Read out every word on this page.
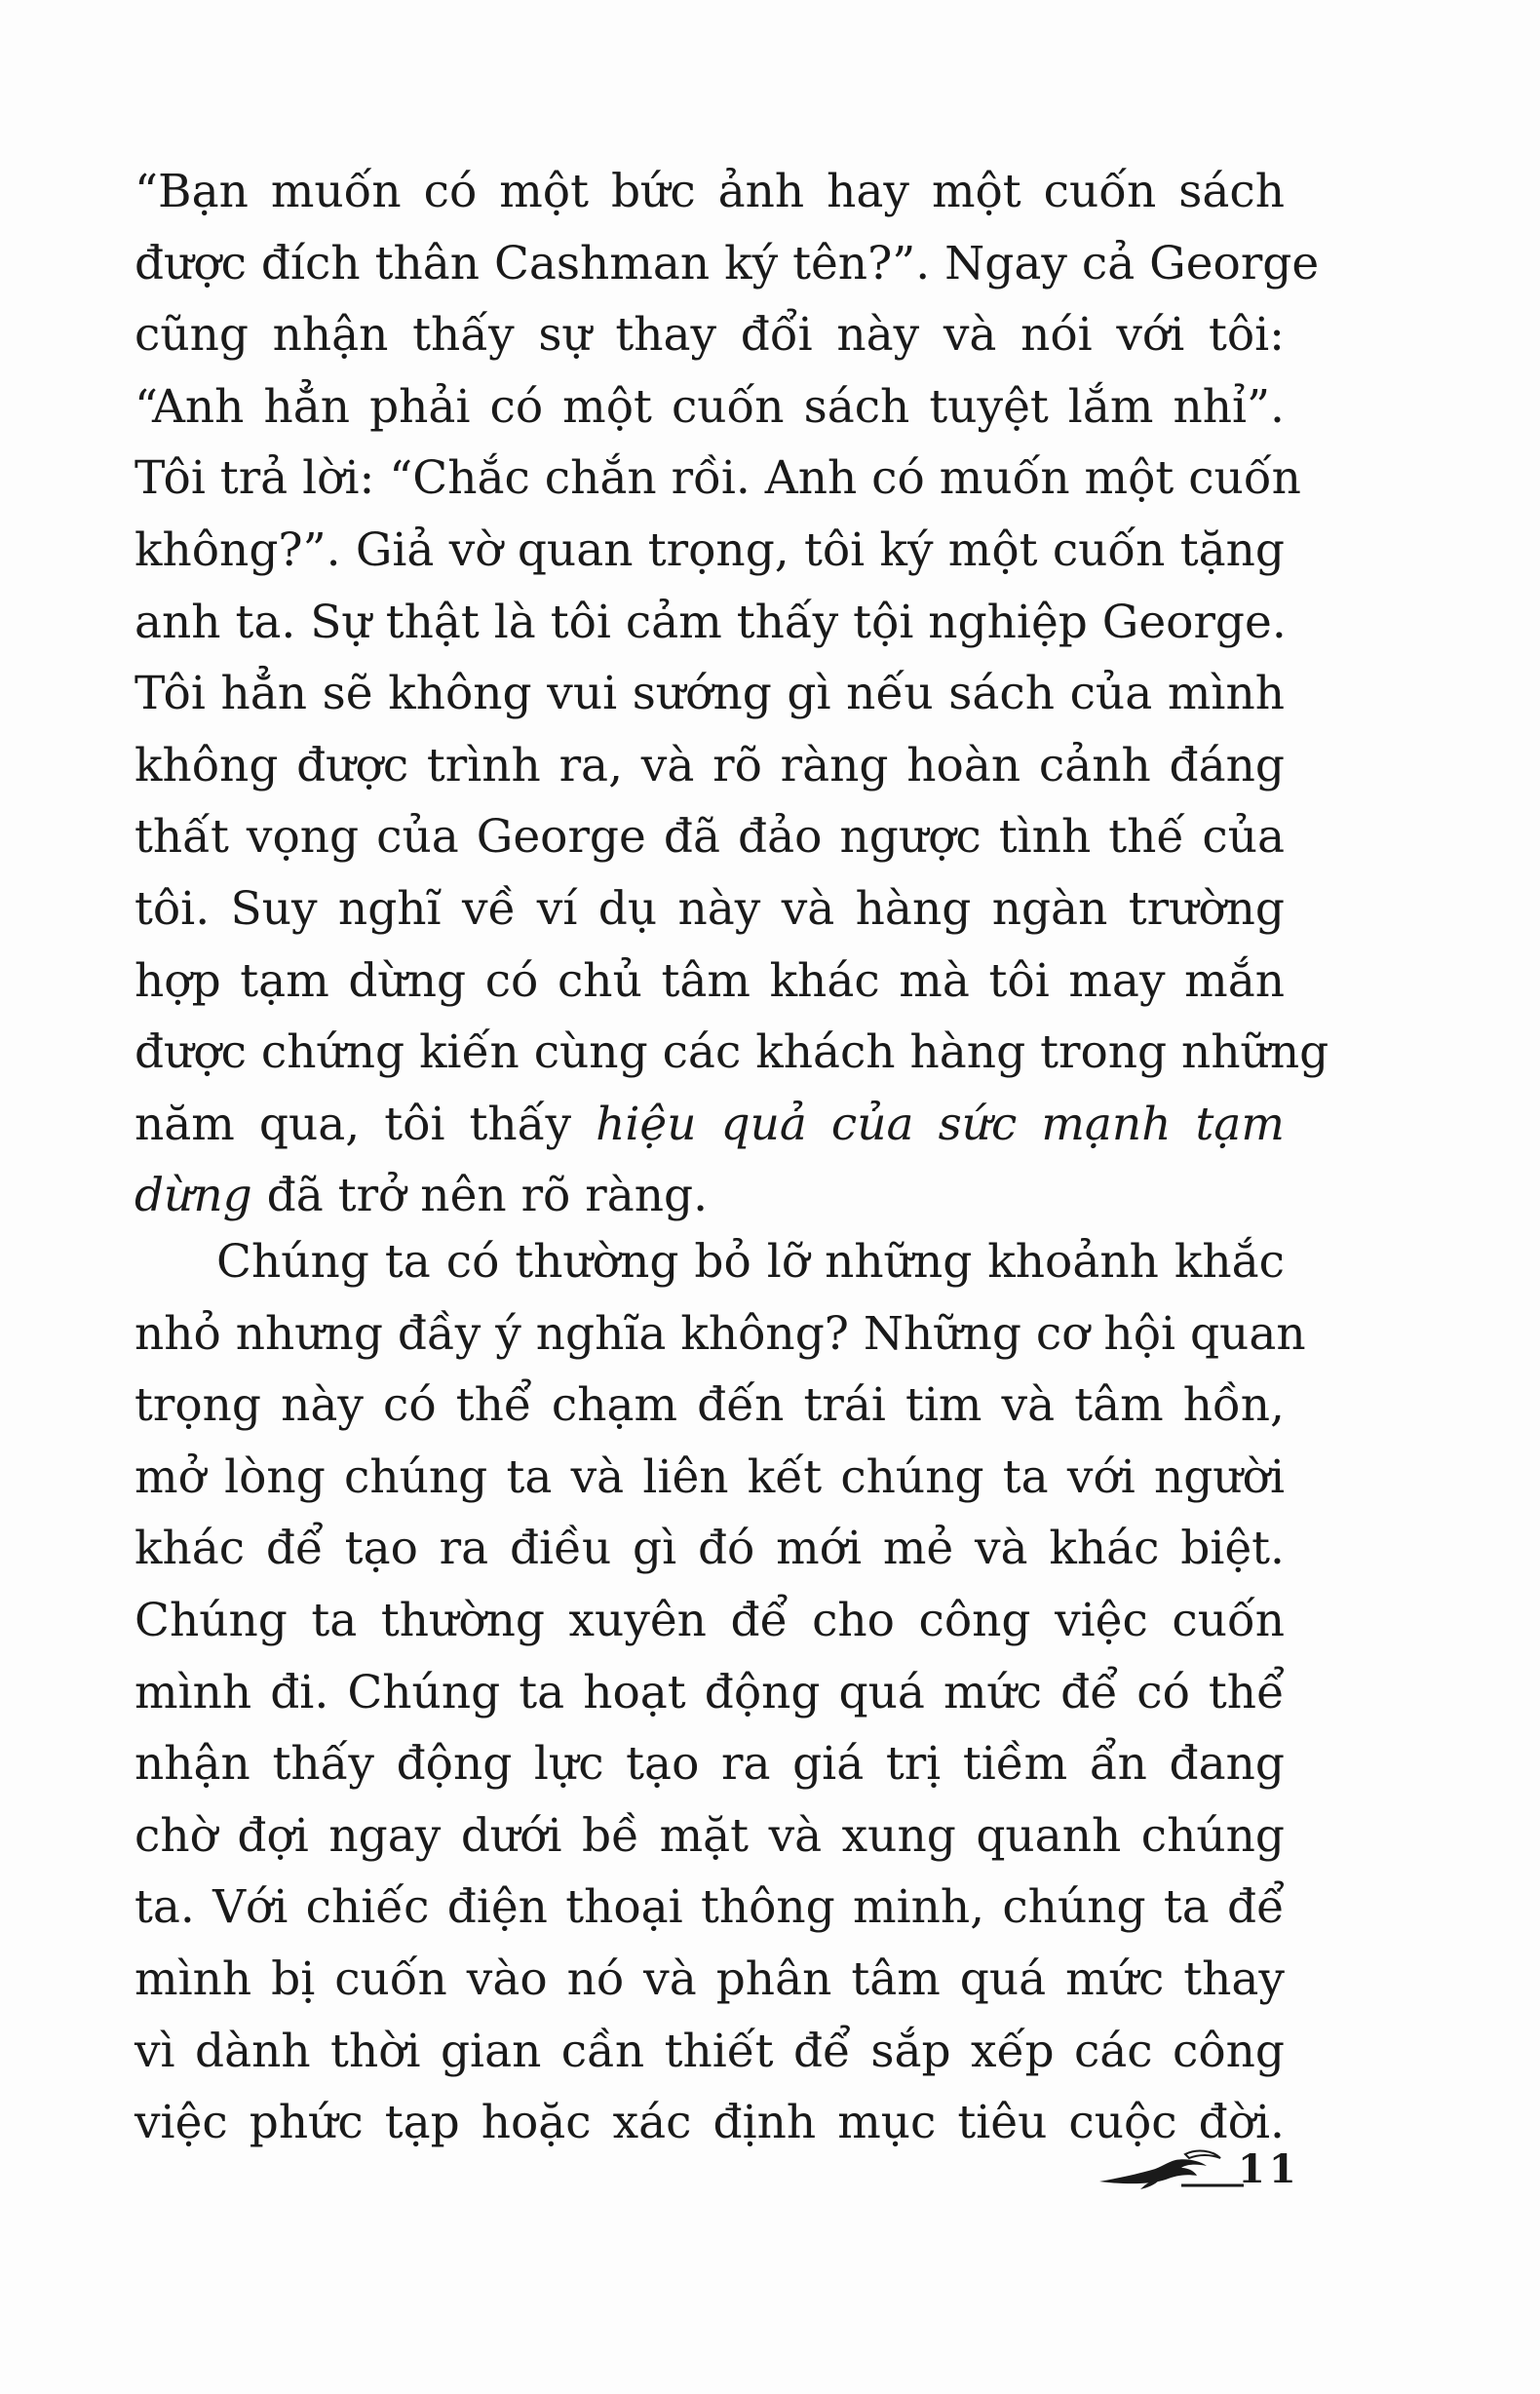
“Bạn muốn có một bức ảnh hay một cuốn sách
được đích thân Cashman ký tên?”. Ngay cả George
cũng nhận thấy sự thay đổi này và nói với tôi:
“Anh hẳn phải có một cuốn sách tuyệt lắm nhỉ”.
Tôi trả lời: “Chắc chắn rồi. Anh có muốn một cuốn
không?”. Giả vờ quan trọng, tôi ký một cuốn tặng
anh ta. Sự thật là tôi cảm thấy tội nghiệp George.
Tôi hẳn sẽ không vui sướng gì nếu sách của mình
không được trình ra, và rõ ràng hoàn cảnh đáng
thất vọng của George đã đảo ngược tình thế của
tôi. Suy nghĩ về ví dụ này và hàng ngàn trường
hợp tạm dừng có chủ tâm khác mà tôi may mắn
được chứng kiến cùng các khách hàng trong những
năm qua, tôi thấy hiệu quả của sức mạnh tạm
dừng đã trở nên rõ ràng.
Chúng ta có thường bỏ lỡ những khoảnh khắc
nhỏ nhưng đầy ý nghĩa không? Những cơ hội quan
trọng này có thể chạm đến trái tim và tâm hồn,
mở lòng chúng ta và liên kết chúng ta với người
khác để tạo ra điều gì đó mới mẻ và khác biệt.
Chúng ta thường xuyên để cho công việc cuốn
mình đi. Chúng ta hoạt động quá mức để có thể
nhận thấy động lực tạo ra giá trị tiềm ẩn đang
chờ đợi ngay dưới bề mặt và xung quanh chúng
ta. Với chiếc điện thoại thông minh, chúng ta để
mình bị cuốn vào nó và phân tâm quá mức thay
vì dành thời gian cần thiết để sắp xếp các công
việc phức tạp hoặc xác định mục tiêu cuộc đời.
11
